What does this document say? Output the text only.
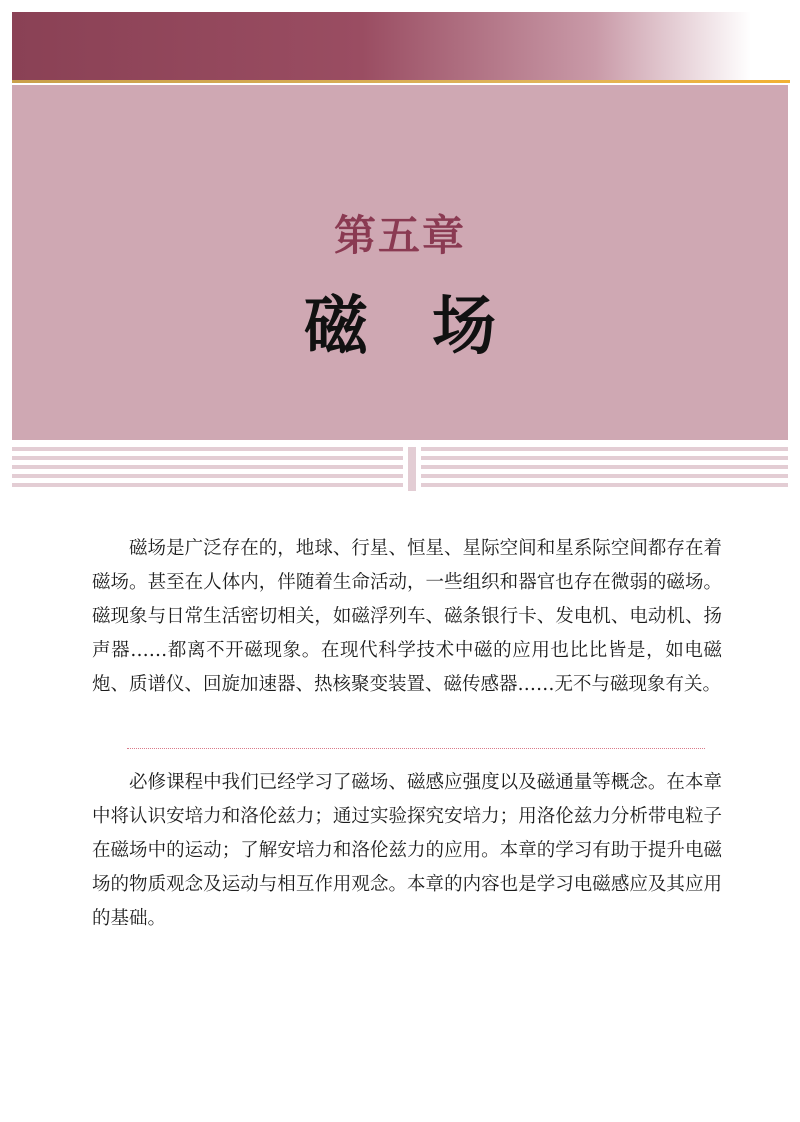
第五章
磁　场

磁场是广泛存在的，地球、行星、恒星、星际空间和星系际空间都存在着磁场。甚至在人体内，伴随着生命活动，一些组织和器官也存在微弱的磁场。磁现象与日常生活密切相关，如磁浮列车、磁条银行卡、发电机、电动机、扬声器……都离不开磁现象。在现代科学技术中磁的应用也比比皆是，如电磁炮、质谱仪、回旋加速器、热核聚变装置、磁传感器……无不与磁现象有关。

必修课程中我们已经学习了磁场、磁感应强度以及磁通量等概念。在本章中将认识安培力和洛伦兹力；通过实验探究安培力；用洛伦兹力分析带电粒子在磁场中的运动；了解安培力和洛伦兹力的应用。本章的学习有助于提升电磁场的物质观念及运动与相互作用观念。本章的内容也是学习电磁感应及其应用的基础。
